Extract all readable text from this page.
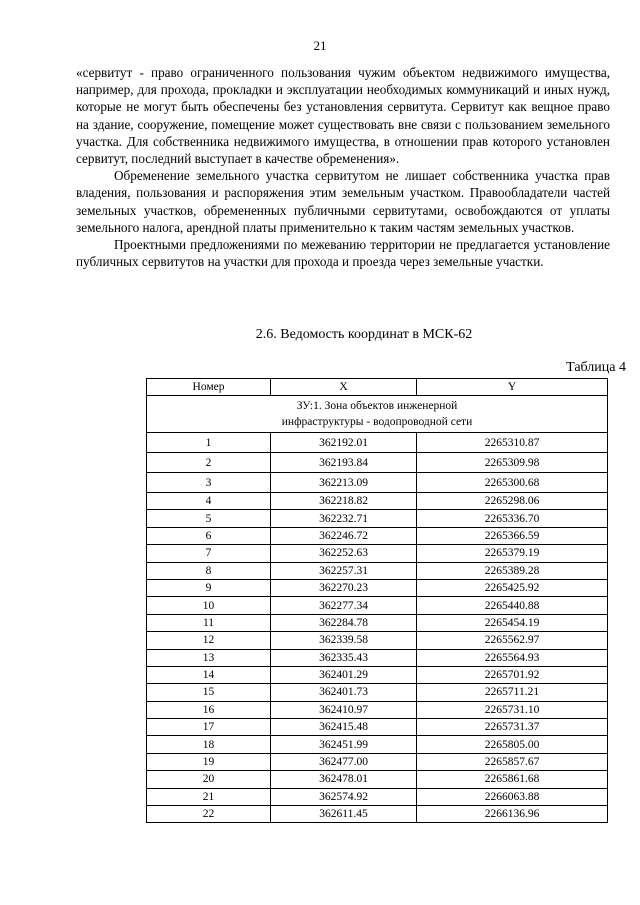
21

«сервитут - право ограниченного пользования чужим объектом недвижимого имущества, например, для прохода, прокладки и эксплуатации необходимых коммуникаций и иных нужд, которые не могут быть обеспечены без установления сервитута. Сервитут как вещное право на здание, сооружение, помещение может существовать вне связи с пользованием земельного участка. Для собственника недвижимого имущества, в отношении прав которого установлен сервитут, последний выступает в качестве обременения».

Обременение земельного участка сервитутом не лишает собственника участка прав владения, пользования и распоряжения этим земельным участком. Правообладатели частей земельных участков, обремененных публичными сервитутами, освобождаются от уплаты земельного налога, арендной платы применительно к таким частям земельных участков.

Проектными предложениями по межеванию территории не предлагается установление публичных сервитутов на участки для прохода и проезда через земельные участки.

2.6. Ведомость координат в МСК-62
Таблица 4
Номер	X	Y

ЗУ:1. Зона объектов инженерной
инфраструктуры - водопроводной сети		

1	362192.01	2265310.87
2	362193.84	2265309.98
3	362213.09	2265300.68
4	362218.82	2265298.06
5	362232.71	2265336.70
6	362246.72	2265366.59
7	362252.63	2265379.19
8	362257.31	2265389.28
9	362270.23	2265425.92
10	362277.34	2265440.88
11	362284.78	2265454.19
12	362339.58	2265562.97
13	362335.43	2265564.93
14	362401.29	2265701.92
15	362401.73	2265711.21
16	362410.97	2265731.10
17	362415.48	2265731.37
18	362451.99	2265805.00
19	362477.00	2265857.67
20	362478.01	2265861.68
21	362574.92	2266063.88
22	362611.45	2266136.96
